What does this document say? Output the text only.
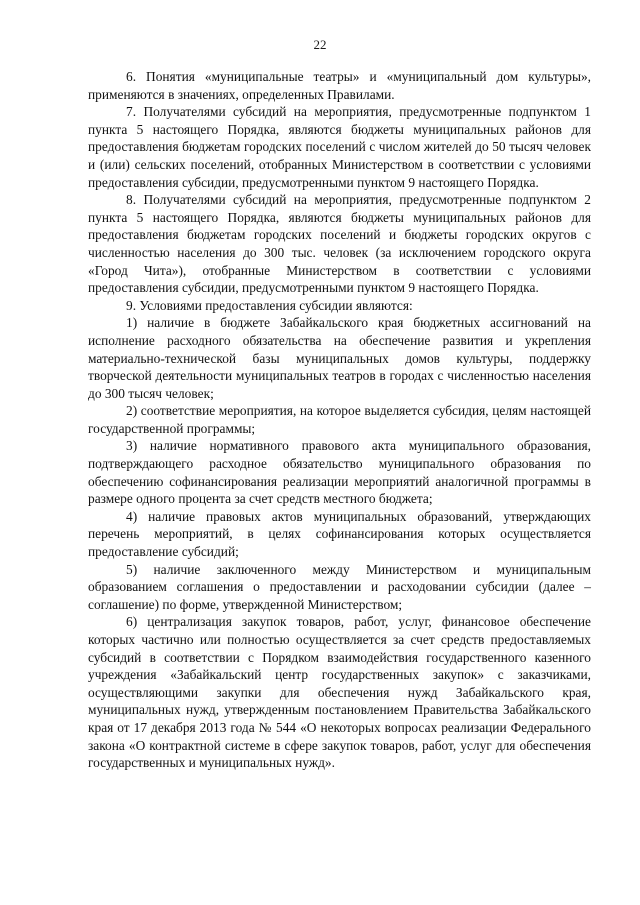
22

6. Понятия «муниципальные театры» и «муниципальный дом культуры», применяются в значениях, определенных Правилами.

7. Получателями субсидий на мероприятия, предусмотренные подпунктом 1 пункта 5 настоящего Порядка, являются бюджеты муниципальных районов для предоставления бюджетам городских поселений с числом жителей до 50 тысяч человек и (или) сельских поселений, отобранных Министерством в соответствии с условиями предоставления субсидии, предусмотренными пунктом 9 настоящего Порядка.

8. Получателями субсидий на мероприятия, предусмотренные подпунктом 2 пункта 5 настоящего Порядка, являются бюджеты муниципальных районов для предоставления бюджетам городских поселений и бюджеты городских округов с численностью населения до 300 тыс. человек (за исключением городского округа «Город Чита»), отобранные Министерством в соответствии с условиями предоставления субсидии, предусмотренными пунктом 9 настоящего Порядка.

9. Условиями предоставления субсидии являются:

1) наличие в бюджете Забайкальского края бюджетных ассигнований на исполнение расходного обязательства на обеспечение развития и укрепления материально-технической базы муниципальных домов культуры, поддержку творческой деятельности муниципальных театров в городах с численностью населения до 300 тысяч человек;

2) соответствие мероприятия, на которое выделяется субсидия, целям настоящей государственной программы;

3) наличие нормативного правового акта муниципального образования, подтверждающего расходное обязательство муниципального образования по обеспечению софинансирования реализации мероприятий аналогичной программы в размере одного процента за счет средств местного бюджета;

4) наличие правовых актов муниципальных образований, утверждающих перечень мероприятий, в целях софинансирования которых осуществляется предоставление субсидий;

5) наличие заключенного между Министерством и муниципальным образованием соглашения о предоставлении и расходовании субсидии (далее – соглашение) по форме, утвержденной Министерством;

6) централизация закупок товаров, работ, услуг, финансовое обеспечение которых частично или полностью осуществляется за счет средств предоставляемых субсидий в соответствии с Порядком взаимодействия государственного казенного учреждения «Забайкальский центр государственных закупок» с заказчиками, осуществляющими закупки для обеспечения нужд Забайкальского края, муниципальных нужд, утвержденным постановлением Правительства Забайкальского края от 17 декабря 2013 года № 544 «О некоторых вопросах реализации Федерального закона «О контрактной системе в сфере закупок товаров, работ, услуг для обеспечения государственных и муниципальных нужд».
